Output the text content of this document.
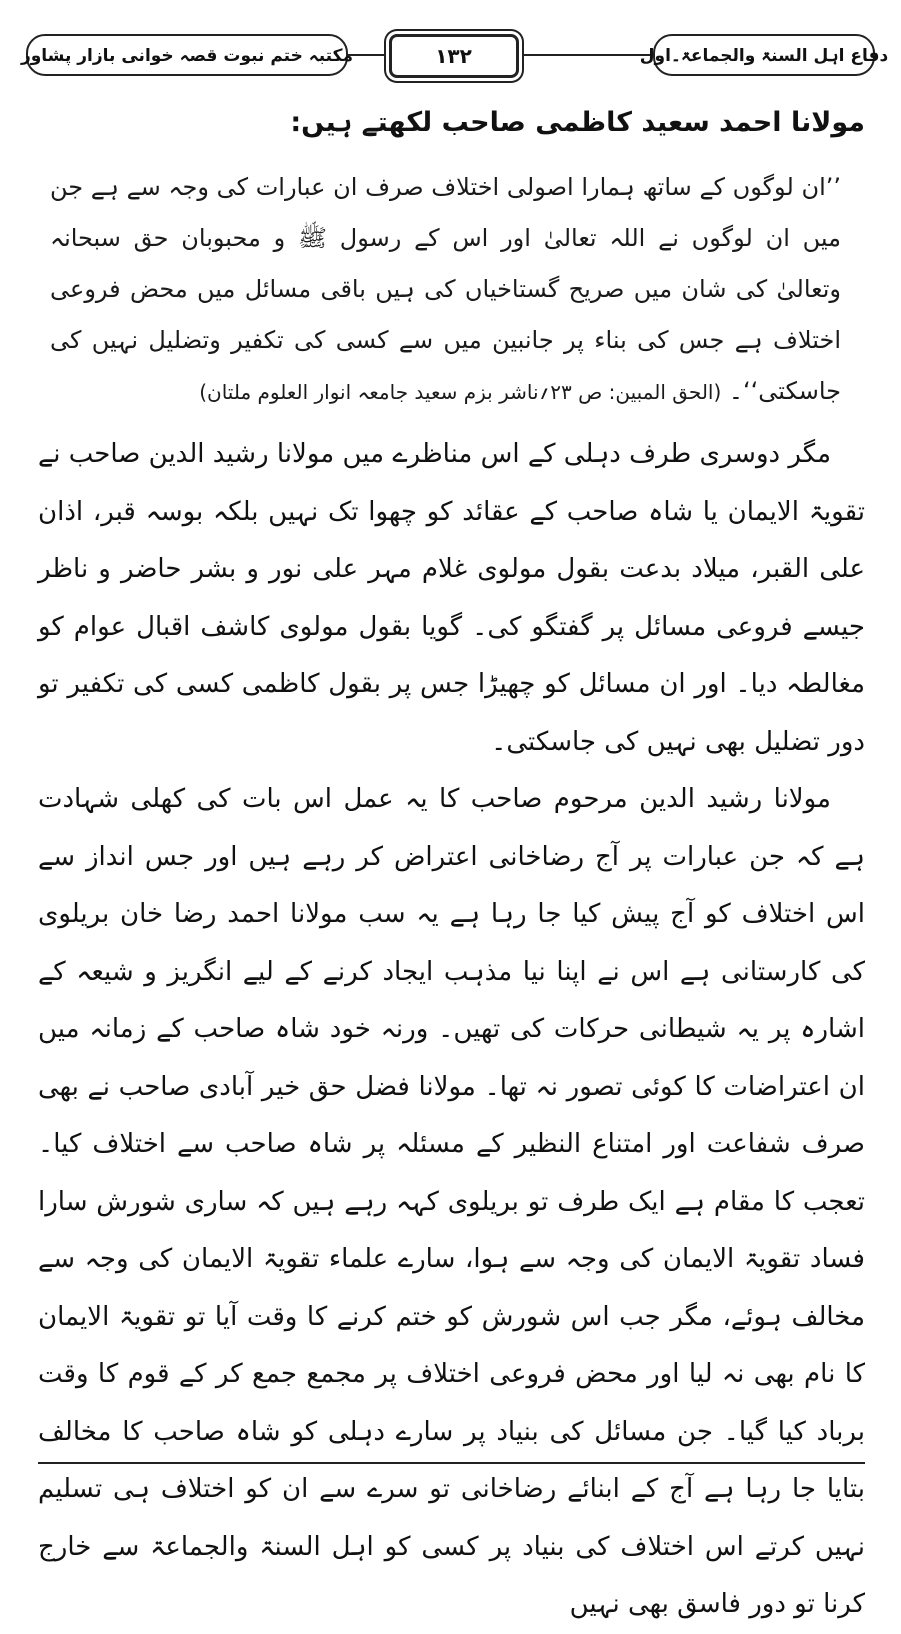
دفاع اہل السنۃ والجماعۃ۔اول
۱۳۲
مکتبہ ختم نبوت قصہ خوانی بازار پشاور

مولانا احمد سعید کاظمی صاحب لکھتے ہیں:

’’ان لوگوں کے ساتھ ہمارا اصولی اختلاف صرف ان عبارات کی وجہ سے ہے جن میں ان لوگوں نے اللہ تعالیٰ اور اس کے رسول ﷺ و محبوبان حق سبحانہ وتعالیٰ کی شان میں صریح گستاخیاں کی ہیں باقی مسائل میں محض فروعی اختلاف ہے جس کی بناء پر جانبین میں سے کسی کی تکفیر وتضلیل نہیں کی جاسکتی‘‘۔ (الحق المبین: ص ۲۳؍ناشر بزم سعید جامعہ انوار العلوم ملتان)

مگر دوسری طرف دہلی کے اس مناظرے میں مولانا رشید الدین صاحب نے تقویۃ الایمان یا شاہ صاحب کے عقائد کو چھوا تک نہیں بلکہ بوسہ قبر، اذان علی القبر، میلاد بدعت بقول مولوی غلام مہر علی نور و بشر حاضر و ناظر جیسے فروعی مسائل پر گفتگو کی۔ گویا بقول مولوی کاشف اقبال عوام کو مغالطہ دیا۔ اور ان مسائل کو چھیڑا جس پر بقول کاظمی کسی کی تکفیر تو دور تضلیل بھی نہیں کی جاسکتی۔

مولانا رشید الدین مرحوم صاحب کا یہ عمل اس بات کی کھلی شہادت ہے کہ جن عبارات پر آج رضاخانی اعتراض کر رہے ہیں اور جس انداز سے اس اختلاف کو آج پیش کیا جا رہا ہے یہ سب مولانا احمد رضا خان بریلوی کی کارستانی ہے اس نے اپنا نیا مذہب ایجاد کرنے کے لیے انگریز و شیعہ کے اشارہ پر یہ شیطانی حرکات کی تھیں۔ ورنہ خود شاہ صاحب کے زمانہ میں ان اعتراضات کا کوئی تصور نہ تھا۔ مولانا فضل حق خیر آبادی صاحب نے بھی صرف شفاعت اور امتناع النظیر کے مسئلہ پر شاہ صاحب سے اختلاف کیا۔ تعجب کا مقام ہے ایک طرف تو بریلوی کہہ رہے ہیں کہ ساری شورش سارا فساد تقویۃ الایمان کی وجہ سے ہوا، سارے علماء تقویۃ الایمان کی وجہ سے مخالف ہوئے، مگر جب اس شورش کو ختم کرنے کا وقت آیا تو تقویۃ الایمان کا نام بھی نہ لیا اور محض فروعی اختلاف پر مجمع جمع کر کے قوم کا وقت برباد کیا گیا۔ جن مسائل کی بنیاد پر سارے دہلی کو شاہ صاحب کا مخالف بتایا جا رہا ہے آج کے ابنائے رضاخانی تو سرے سے ان کو اختلاف ہی تسلیم نہیں کرتے اس اختلاف کی بنیاد پر کسی کو اہل السنۃ والجماعۃ سے خارج کرنا تو دور فاسق بھی نہیں
